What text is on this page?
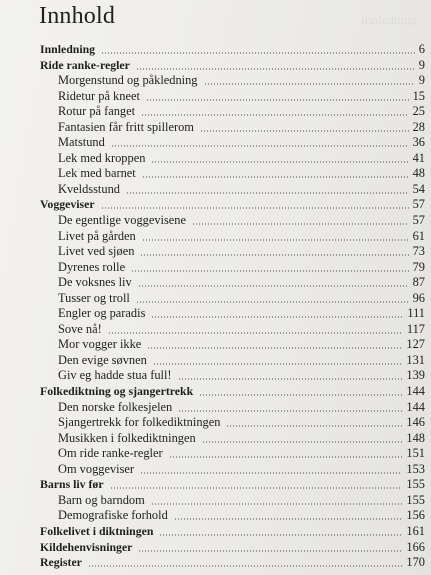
Innledning
Innhold
Innledning	6
Ride ranke-regler	9
Morgenstund og påkledning	9
Ridetur på kneet	15
Rotur på fanget	25
Fantasien får fritt spillerom	28
Matstund	36
Lek med kroppen	41
Lek med barnet	48
Kveldsstund	54
Voggeviser	57
De egentlige voggevisene	57
Livet på gården	61
Livet ved sjøen	73
Dyrenes rolle	79
De voksnes liv	87
Tusser og troll	96
Engler og paradis	111
Sove nå!	117
Mor vogger ikke	127
Den evige søvnen	131
Giv eg hadde stua full!	139
Folkediktning og sjangertrekk	144
Den norske folkesjelen	144
Sjangertrekk for folkediktningen	146
Musikken i folkediktningen	148
Om ride ranke-regler	151
Om voggeviser	153
Barns liv før	155
Barn og barndom	155
Demografiske forhold	156
Folkelivet i diktningen	161
Kildehenvisninger	166
Register	170
